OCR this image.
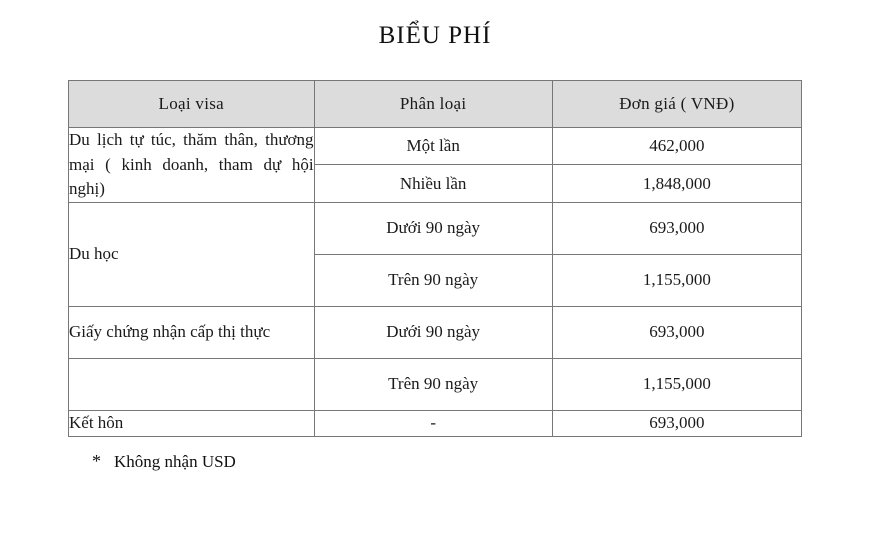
BIỂU PHÍ
Loại visa	Phân loại	Đơn giá ( VNĐ)
Du lịch tự túc, thăm thân, thương mại ( kinh doanh, tham dự hội nghị)	Một lần	462,000
	Nhiều lần	1,848,000
Du học	Dưới 90 ngày	693,000
	Trên 90 ngày	1,155,000
Giấy chứng nhận cấp thị thực	Dưới 90 ngày	693,000
	Trên 90 ngày	1,155,000
Kết hôn	-	693,000
* Không nhận USD
